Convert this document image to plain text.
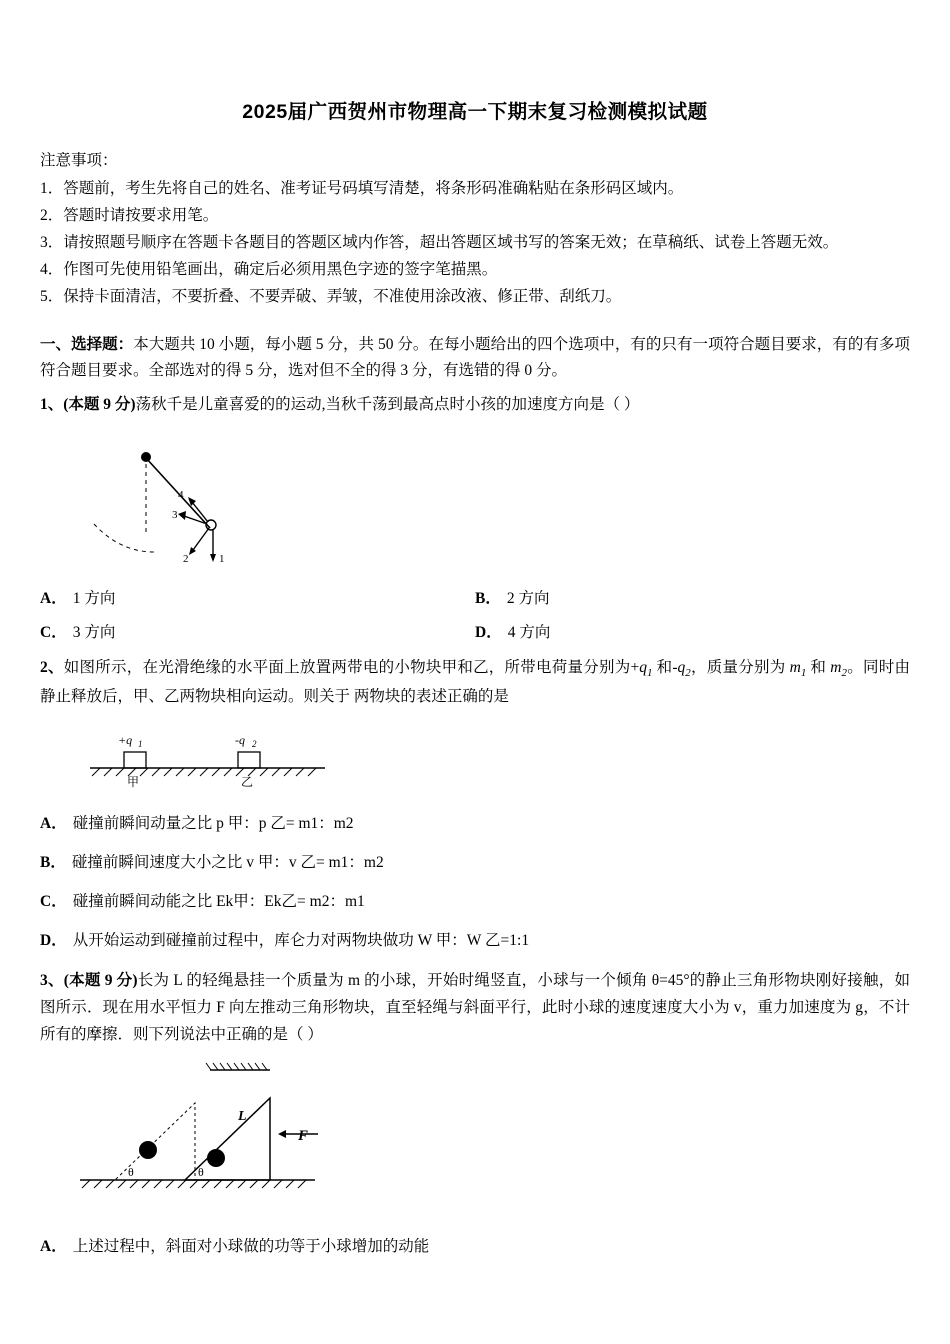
2025届广西贺州市物理高一下期末复习检测模拟试题
注意事项：
1．答题前，考生先将自己的姓名、准考证号码填写清楚，将条形码准确粘贴在条形码区域内。
2．答题时请按要求用笔。
3．请按照题号顺序在答题卡各题目的答题区域内作答，超出答题区域书写的答案无效；在草稿纸、试卷上答题无效。
4．作图可先使用铅笔画出，确定后必须用黑色字迹的签字笔描黑。
5．保持卡面清洁，不要折叠、不要弄破、弄皱，不准使用涂改液、修正带、刮纸刀。
一、选择题：本大题共 10 小题，每小题 5 分，共 50 分。在每小题给出的四个选项中，有的只有一项符合题目要求，有的有多项符合题目要求。全部选对的得 5 分，选对但不全的得 3 分，有选错的得 0 分。
1、(本题 9 分)荡秋千是儿童喜爱的的运动,当秋千荡到最高点时小孩的加速度方向是（ ）
1
2
3
4
A． 1 方向	B． 2 方向
C． 3 方向	D． 4 方向
2、如图所示，在光滑绝缘的水平面上放置两带电的小物块甲和乙，所带电荷量分别为$+q_1$ 和$-q_2$，质量分别为 $m_1$ 和 $m_2$。同时由静止释放后，甲、乙两物块相向运动。则关于 两物块的表述正确的是
+q 1
甲
-q 2
乙
A． 碰撞前瞬间动量之比 p 甲：p 乙= m1：m2
B． 碰撞前瞬间速度大小之比 v 甲：v 乙= m1：m2
C． 碰撞前瞬间动能之比 Ek甲：Ek乙= m2：m1
D． 从开始运动到碰撞前过程中，库仑力对两物块做功 W 甲：W 乙=1:1
3、(本题 9 分)长为 L 的轻绳悬挂一个质量为 m 的小球，开始时绳竖直，小球与一个倾角 θ=45°的静止三角形物块刚好接触，如图所示．现在用水平恒力 F 向左推动三角形物块，直至轻绳与斜面平行，此时小球的速度速度大小为 v，重力加速度为 g，不计所有的摩擦．则下列说法中正确的是（ ）
θ
L
θ
F
A． 上述过程中，斜面对小球做的功等于小球增加的动能
